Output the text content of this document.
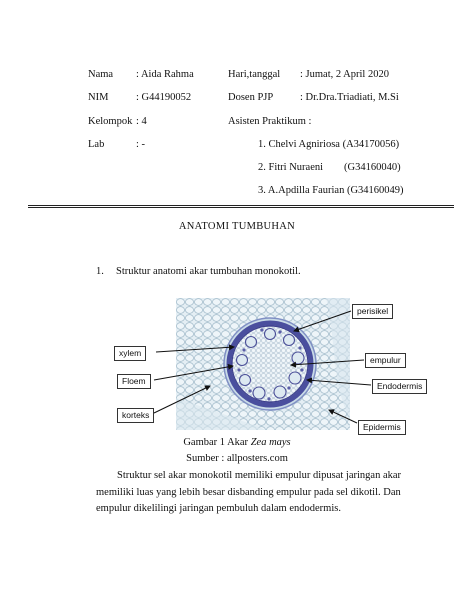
Nama : Aida Rahma
NIM	: G44190052
Kelompok : 4
Lab	: -
Hari,tanggal : Jumat, 2 April 2020
Dosen PJP	: Dr.Dra.Triadiati, M.Si
Asisten Praktikum :
1. Chelvi Agniriosa (A34170056)
2. Fitri Nuraeni        (G34160040)
3. A.Apdilla Faurian (G34160049)
ANATOMI TUMBUHAN
1. Struktur anatomi akar tumbuhan monokotil.
perisikel
xylem
empulur
Floem	Endodermis
korteks
Epidermis
Gambar 1 Akar Zea mays
Sumber : allposters.com
Struktur sel akar monokotil memiliki empulur dipusat jaringan akar
memiliki luas yang lebih besar disbanding empulur pada sel dikotil. Dan
empulur dikelilingi jaringan pembuluh dalam endodermis.
